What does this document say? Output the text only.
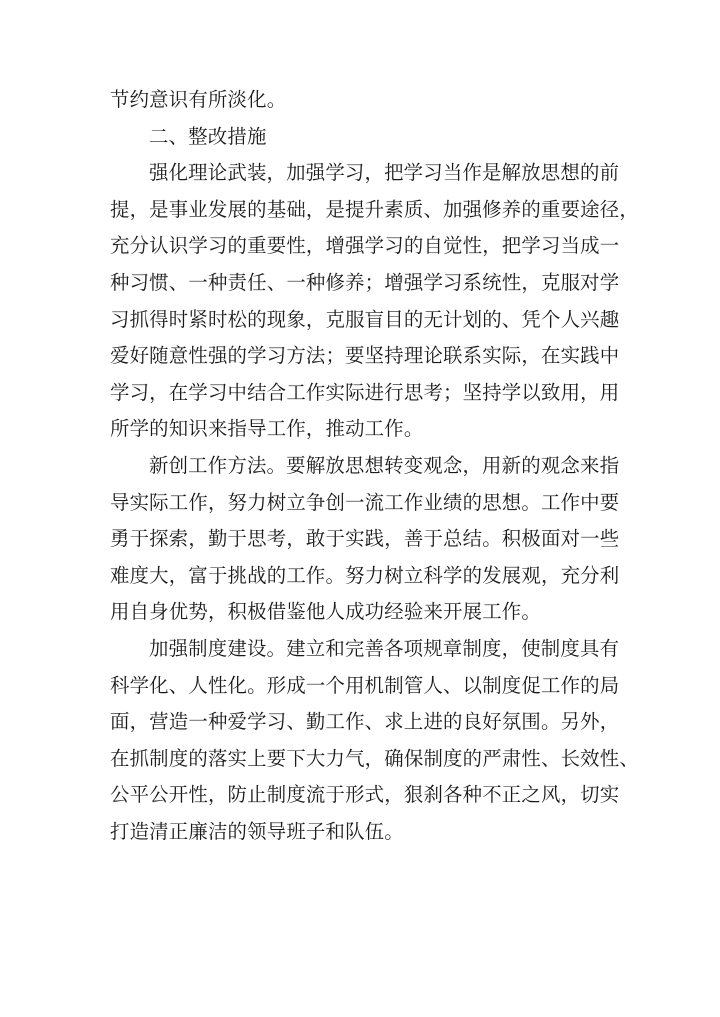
节约意识有所淡化。
二、整改措施
强化理论武装，加强学习，把学习当作是解放思想的前
提，是事业发展的基础，是提升素质、加强修养的重要途径，
充分认识学习的重要性，增强学习的自觉性，把学习当成一
种习惯、一种责任、一种修养；增强学习系统性，克服对学
习抓得时紧时松的现象，克服盲目的无计划的、凭个人兴趣
爱好随意性强的学习方法；要坚持理论联系实际，在实践中
学习，在学习中结合工作实际进行思考；坚持学以致用，用
所学的知识来指导工作，推动工作。
新创工作方法。要解放思想转变观念，用新的观念来指
导实际工作，努力树立争创一流工作业绩的思想。工作中要
勇于探索，勤于思考，敢于实践，善于总结。积极面对一些
难度大，富于挑战的工作。努力树立科学的发展观，充分利
用自身优势，积极借鉴他人成功经验来开展工作。
加强制度建设。建立和完善各项规章制度，使制度具有
科学化、人性化。形成一个用机制管人、以制度促工作的局
面，营造一种爱学习、勤工作、求上进的良好氛围。另外，
在抓制度的落实上要下大力气，确保制度的严肃性、长效性、
公平公开性，防止制度流于形式，狠刹各种不正之风，切实
打造清正廉洁的领导班子和队伍。
